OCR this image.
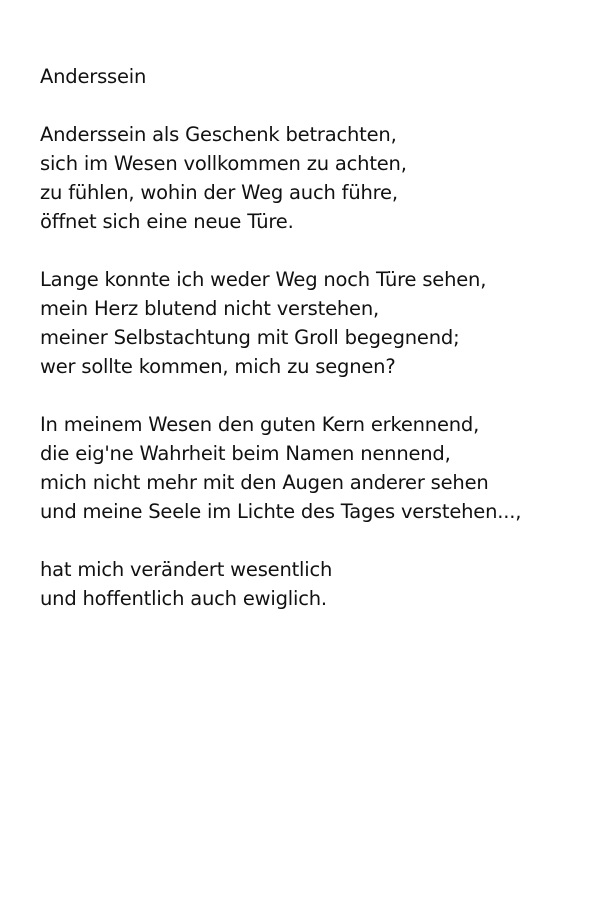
Anderssein
Anderssein als Geschenk betrachten,
sich im Wesen vollkommen zu achten,
zu fühlen, wohin der Weg auch führe,
öffnet sich eine neue Türe.
Lange konnte ich weder Weg noch Türe sehen,
mein Herz blutend nicht verstehen,
meiner Selbstachtung mit Groll begegnend;
wer sollte kommen, mich zu segnen?
In meinem Wesen den guten Kern erkennend,
die eig'ne Wahrheit beim Namen nennend,
mich nicht mehr mit den Augen anderer sehen
und meine Seele im Lichte des Tages verstehen...,
hat mich verändert wesentlich
und hoffentlich auch ewiglich.
